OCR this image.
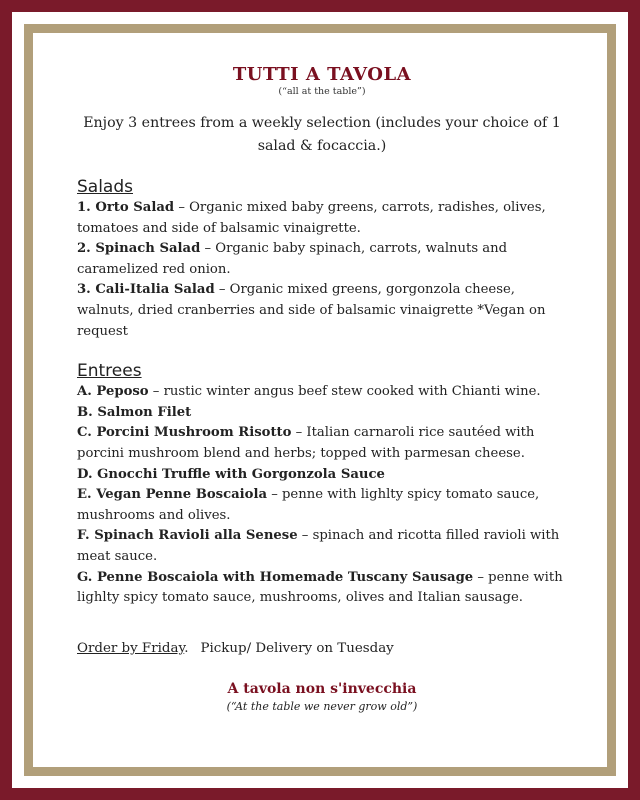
TUTTI A TAVOLA
(“all at the table”)
Enjoy 3 entrees from a weekly selection (includes your choice of 1 salad & focaccia.)
Salads

1. Orto Salad – Organic mixed baby greens, carrots, radishes, olives, tomatoes and side of balsamic vinaigrette.

2. Spinach Salad – Organic baby spinach, carrots, walnuts and caramelized red onion.

3. Cali-Italia Salad – Organic mixed greens, gorgonzola cheese, walnuts, dried cranberries and side of balsamic vinaigrette *Vegan on request

Entrees

A. Peposo – rustic winter angus beef stew cooked with Chianti wine.

B. Salmon Filet

C. Porcini Mushroom Risotto – Italian carnaroli rice sautéed with porcini mushroom blend and herbs; topped with parmesan cheese.

D. Gnocchi Truffle with Gorgonzola Sauce

E. Vegan Penne Boscaiola – penne with lighlty spicy tomato sauce, mushrooms and olives.

F. Spinach Ravioli alla Senese – spinach and ricotta filled ravioli with meat sauce.

G. Penne Boscaiola with Homemade Tuscany Sausage – penne with lighlty spicy tomato sauce, mushrooms, olives and Italian sausage.

Order by Friday. Pickup/ Delivery on Tuesday
A tavola non s'invecchia
(“At the table we never grow old”)
